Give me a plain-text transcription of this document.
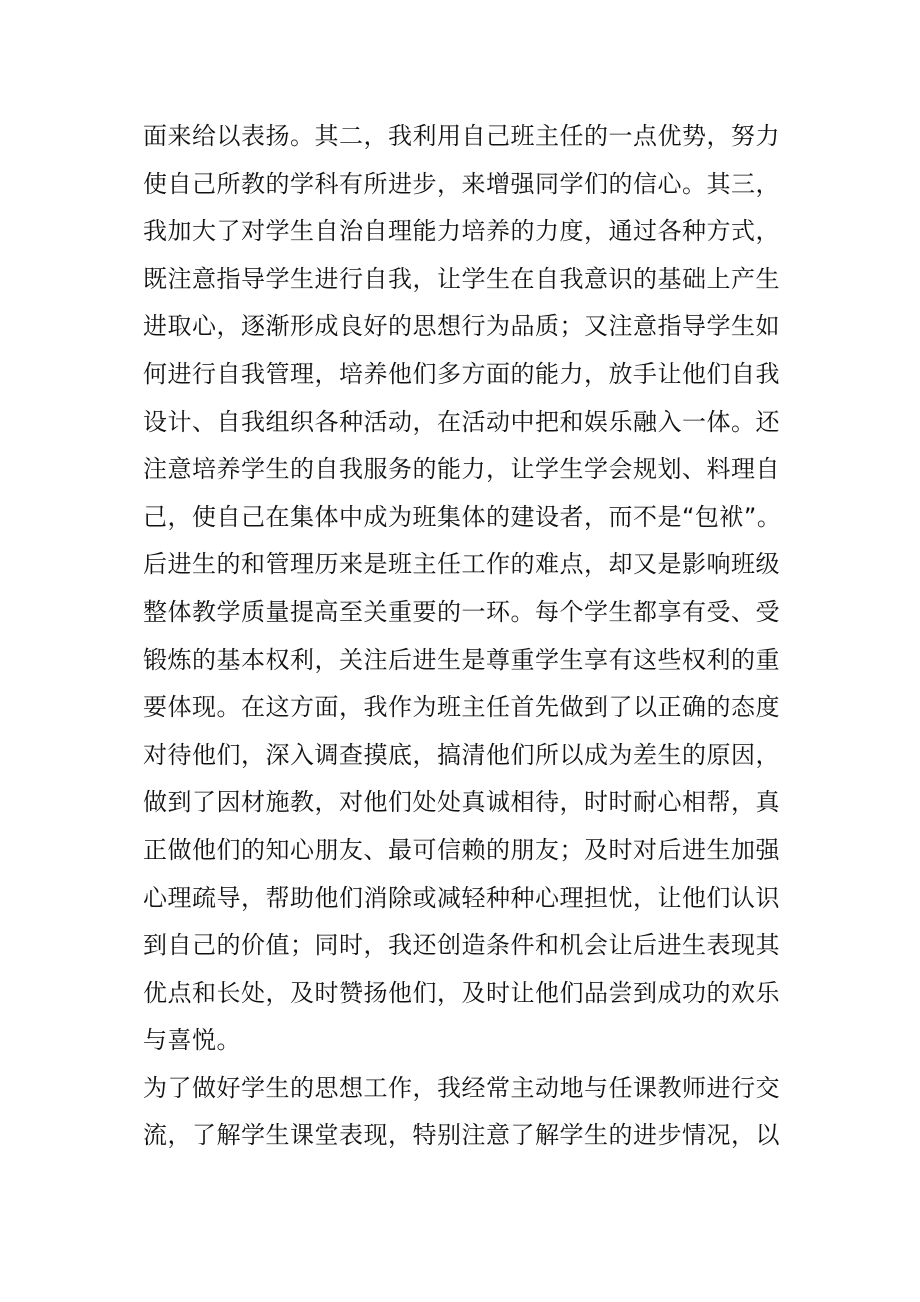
面来给以表扬。其二，我利用自己班主任的一点优势，努力
使自己所教的学科有所进步，来增强同学们的信心。其三，
我加大了对学生自治自理能力培养的力度，通过各种方式，
既注意指导学生进行自我，让学生在自我意识的基础上产生
进取心，逐渐形成良好的思想行为品质；又注意指导学生如
何进行自我管理，培养他们多方面的能力，放手让他们自我
设计、自我组织各种活动，在活动中把和娱乐融入一体。还
注意培养学生的自我服务的能力，让学生学会规划、料理自
己，使自己在集体中成为班集体的建设者，而不是“包袱”。
后进生的和管理历来是班主任工作的难点，却又是影响班级
整体教学质量提高至关重要的一环。每个学生都享有受、受
锻炼的基本权利，关注后进生是尊重学生享有这些权利的重
要体现。在这方面，我作为班主任首先做到了以正确的态度
对待他们，深入调查摸底，搞清他们所以成为差生的原因，
做到了因材施教，对他们处处真诚相待，时时耐心相帮，真
正做他们的知心朋友、最可信赖的朋友；及时对后进生加强
心理疏导，帮助他们消除或减轻种种心理担忧，让他们认识
到自己的价值；同时，我还创造条件和机会让后进生表现其
优点和长处，及时赞扬他们，及时让他们品尝到成功的欢乐
与喜悦。
为了做好学生的思想工作，我经常主动地与任课教师进行交
流，了解学生课堂表现，特别注意了解学生的进步情况，以
